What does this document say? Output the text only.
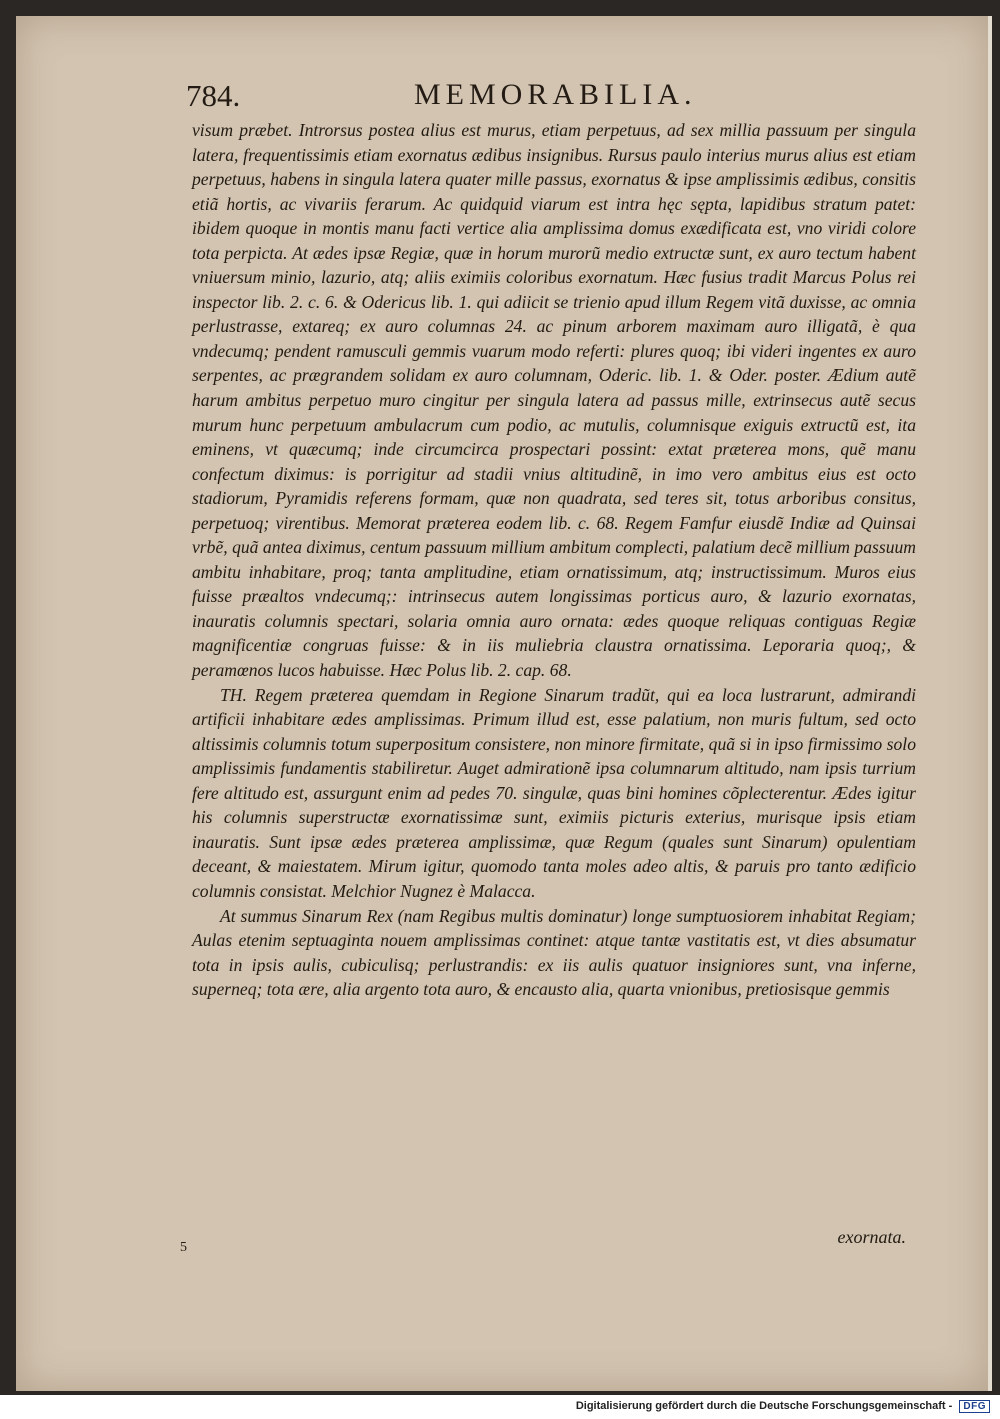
784.	MEMORABILIA.

visum præbet. Introrsus postea alius est murus, etiam perpetuus, ad sex millia passuum per singula latera, frequentissimis etiam exornatus ædibus insignibus. Rursus paulo interius murus alius est etiam perpetuus, habens in singula latera quater mille passus, exornatus & ipse amplissimis ædibus, consitis etiã hortis, ac vivariis ferarum. Ac quidquid viarum est intra hęc sępta, lapidibus stratum patet: ibidem quoque in montis manu facti vertice alia amplissima domus exædificata est, vno viridi colore tota perpicta. At ædes ipsæ Regiæ, quæ in horum murorũ medio extructæ sunt, ex auro tectum habent vniuersum minio, lazurio, atq; aliis eximiis coloribus exornatum. Hæc fusius tradit Marcus Polus rei inspector lib. 2. c. 6. & Odericus lib. 1. qui adiicit se trienio apud illum Regem vitã duxisse, ac omnia perlustrasse, extareq; ex auro columnas 24. ac pinum arborem maximam auro illigatã, è qua vndecumq; pendent ramusculi gemmis vuarum modo referti: plures quoq; ibi videri ingentes ex auro serpentes, ac prægrandem solidam ex auro columnam, Oderic. lib. 1. & Oder. poster. Ædium autẽ harum ambitus perpetuo muro cingitur per singula latera ad passus mille, extrinsecus autẽ secus murum hunc perpetuum ambulacrum cum podio, ac mutulis, columnisque exiguis extructũ est, ita eminens, vt quæcumq; inde circumcirca prospectari possint: extat præterea mons, quẽ manu confectum diximus: is porrigitur ad stadii vnius altitudinẽ, in imo vero ambitus eius est octo stadiorum, Pyramidis referens formam, quæ non quadrata, sed teres sit, totus arboribus consitus, perpetuoq; virentibus. Memorat præterea eodem lib. c. 68. Regem Famfur eiusdẽ Indiæ ad Quinsai vrbẽ, quã antea diximus, centum passuum millium ambitum complecti, palatium decẽ millium passuum ambitu inhabitare, proq; tanta amplitudine, etiam ornatissimum, atq; instructissimum. Muros eius fuisse præaltos vndecumq;: intrinsecus autem longissimas porticus auro, & lazurio exornatas, inauratis columnis spectari, solaria omnia auro ornata: ædes quoque reliquas contiguas Regiæ magnificentiæ congruas fuisse: & in iis muliebria claustra ornatissima. Leporaria quoq;, & peramœnos lucos habuisse. Hæc Polus lib. 2. cap. 68.

TH. Regem præterea quemdam in Regione Sinarum tradũt, qui ea loca lustrarunt, admirandi artificii inhabitare ædes amplissimas. Primum illud est, esse palatium, non muris fultum, sed octo altissimis columnis totum superpositum consistere, non minore firmitate, quã si in ipso firmissimo solo amplissimis fundamentis stabiliretur. Auget admirationẽ ipsa columnarum altitudo, nam ipsis turrium fere altitudo est, assurgunt enim ad pedes 70. singulæ, quas bini homines cõplecterentur. Ædes igitur his columnis superstructæ exornatissimæ sunt, eximiis picturis exterius, murisque ipsis etiam inauratis. Sunt ipsæ ædes præterea amplissimæ, quæ Regum (quales sunt Sinarum) opulentiam deceant, & maiestatem. Mirum igitur, quomodo tanta moles adeo altis, & paruis pro tanto ædificio columnis consistat. Melchior Nugnez è Malacca.

At summus Sinarum Rex (nam Regibus multis dominatur) longe sumptuosiorem inhabitat Regiam; Aulas etenim septuaginta nouem amplissimas continet: atque tantæ vastitatis est, vt dies absumatur tota in ipsis aulis, cubiculisq; perlustrandis: ex iis aulis quatuor insigniores sunt, vna inferne, superneq; tota ære, alia argento tota auro, & encausto alia, quarta vnionibus, pretiosisque gemmis

5
exornata.
Digitalisierung gefördert durch die Deutsche Forschungsgemeinschaft - DFG
